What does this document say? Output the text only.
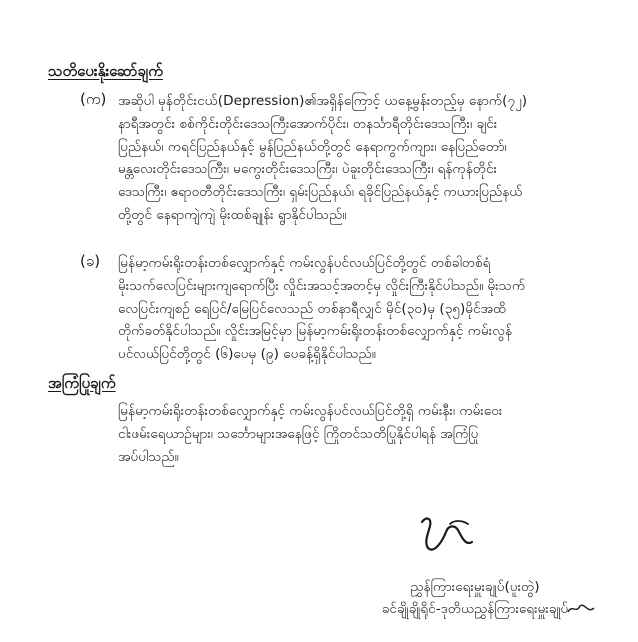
သတိပေးနိုးဆော်ချက်
(က) အဆိုပါ မုန်တိုင်းငယ်(Depression)၏အရှိန်ကြောင့် ယနေ့မွန်းတည့်မှ နောက်(၇၂)
နာရီအတွင်း စစ်ကိုင်းတိုင်းဒေသကြီးအောက်ပိုင်း၊ တနင်္သာရီတိုင်းဒေသကြီး၊ ချင်း
ပြည်နယ်၊ ကရင်ပြည်နယ်နှင့် မွန်ပြည်နယ်တို့တွင် နေရာကွက်ကျား၊ နေပြည်တော်၊
မန္တလေးတိုင်းဒေသကြီး၊ မကွေးတိုင်းဒေသကြီး၊ ပဲခူးတိုင်းဒေသကြီး၊ ရန်ကုန်တိုင်း
ဒေသကြီး၊ ဧရာဝတီတိုင်းဒေသကြီး၊ ရှမ်းပြည်နယ်၊ ရခိုင်ပြည်နယ်နှင့် ကယားပြည်နယ်
တို့တွင် နေရာကျဲကျဲ မိုးထစ်ချုန်း ရွာနိုင်ပါသည်။
(ခ) မြန်မာ့ကမ်းရိုးတန်းတစ်လျှောက်နှင့် ကမ်းလွန်ပင်လယ်ပြင်တို့တွင် တစ်ခါတစ်ရံ
မိုးသက်လေပြင်းများကျရောက်ပြီး လှိုင်းအသင့်အတင့်မှ လှိုင်းကြီးနိုင်ပါသည်။ မိုးသက်
လေပြင်းကျစဉ် ရေပြင်/မြေပြင်လေသည် တစ်နာရီလျှင် မိုင်(၃၀)မှ (၃၅)မိုင်အထိ
တိုက်ခတ်နိုင်ပါသည်။ လှိုင်းအမြင့်မှာ မြန်မာ့ကမ်းရိုးတန်းတစ်လျှောက်နှင့် ကမ်းလွန်
ပင်လယ်ပြင်တို့တွင် (၆)ပေမှ (၉) ပေခန့်ရှိနိုင်ပါသည်။
အကြံပြုချက်
မြန်မာ့ကမ်းရိုးတန်းတစ်လျှောက်နှင့် ကမ်းလွန်ပင်လယ်ပြင်တို့ရှိ ကမ်းနီး၊ ကမ်းဝေး
ငါးဖမ်းရေယာဉ်များ၊ သင်္ဘောများအနေဖြင့် ကြိုတင်သတိပြုနိုင်ပါရန် အကြံပြု
အပ်ပါသည်။
ညွှန်ကြားရေးမှူးချုပ်(ပူးတွဲ)
ခင်ချိုချိုရိုင်-ဒုတိယညွှန်ကြားရေးမှူးချုပ်
